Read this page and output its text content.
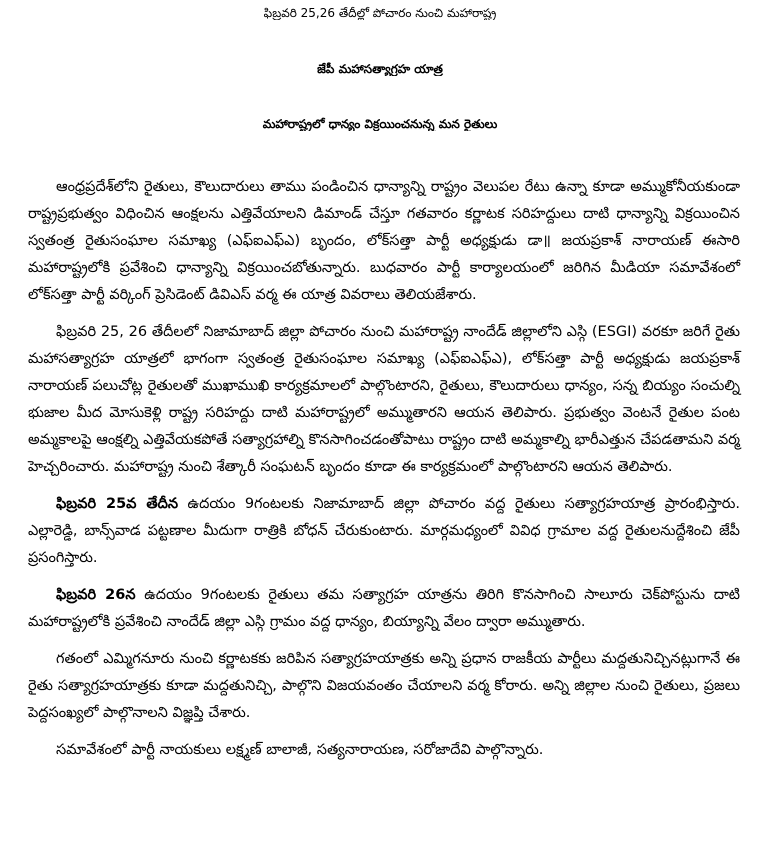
ఫిబ్రవరి 25,26 తేదీల్లో పోచారం నుంచి మహారాష్ట్ర
జేపీ మహాసత్యాగ్రహ యాత్ర
మహారాష్ట్రలో ధాన్యం విక్రయించనున్న మన రైతులు

ఆంధ్రప్రదేశ్‌లోని రైతులు, కౌలుదారులు తాము పండించిన ధాన్యాన్ని రాష్ట్రం వెలుపల రేటు ఉన్నా కూడా అమ్ముకోనీయకుండా రాష్ట్రప్రభుత్వం విధించిన ఆంక్షలను ఎత్తివేయాలని డిమాండ్ చేస్తూ గతవారం కర్ణాటక సరిహద్దులు దాటి ధాన్యాన్ని విక్రయించిన స్వతంత్ర రైతుసంఘాల సమాఖ్య (ఎఫ్ఐఎఫ్ఎ) బృందం, లోక్‌సత్తా పార్టీ అధ్యక్షుడు డా॥ జయప్రకాశ్ నారాయణ్ ఈసారి మహారాష్ట్రలోకి ప్రవేశించి ధాన్యాన్ని విక్రయించబోతున్నారు. బుధవారం పార్టీ కార్యాలయంలో జరిగిన మీడియా సమావేశంలో లోక్‌సత్తా పార్టీ వర్కింగ్ ప్రెసిడెంట్ డివిఎస్ వర్మ ఈ యాత్ర వివరాలు తెలియజేశారు.

ఫిబ్రవరి 25, 26 తేదీలలో నిజామాబాద్ జిల్లా పోచారం నుంచి మహారాష్ట్ర నాందేడ్ జిల్లాలోని ఎస్గి (ESGI) వరకూ జరిగే రైతు మహాసత్యాగ్రహ యాత్రలో భాగంగా స్వతంత్ర రైతుసంఘాల సమాఖ్య (ఎఫ్ఐఎఫ్ఎ), లోక్‌సత్తా పార్టీ అధ్యక్షుడు జయప్రకాశ్ నారాయణ్ పలుచోట్ల రైతులతో ముఖాముఖి కార్యక్రమాలలో పాల్గొంటారని, రైతులు, కౌలుదారులు ధాన్యం, సన్న బియ్యం సంచుల్ని భుజాల మీద మోసుకెళ్లి రాష్ట్ర సరిహద్దు దాటి మహారాష్ట్రలో అమ్ముతారని ఆయన తెలిపారు. ప్రభుత్వం వెంటనే రైతుల పంట అమ్మకాలపై ఆంక్షల్ని ఎత్తివేయకపోతే సత్యాగ్రహాల్ని కొనసాగించడంతోపాటు రాష్ట్రం దాటి అమ్మకాల్ని భారీఎత్తున చేపడతామని వర్మ హెచ్చరించారు. మహారాష్ట్ర నుంచి శేత్కారీ సంఘటన్ బృందం కూడా ఈ కార్యక్రమంలో పాల్గొంటారని ఆయన తెలిపారు.

ఫిబ్రవరి 25వ తేదీన ఉదయం 9గంటలకు నిజామాబాద్ జిల్లా పోచారం వద్ద రైతులు సత్యాగ్రహయాత్ర ప్రారంభిస్తారు. ఎల్లారెడ్డి, బాన్స్‌వాడ పట్టణాల మీదుగా రాత్రికి బోధన్ చేరుకుంటారు. మార్గమధ్యంలో వివిధ గ్రామాల వద్ద రైతులనుద్దేశించి జేపీ ప్రసంగిస్తారు.

ఫిబ్రవరి 26న ఉదయం 9గంటలకు రైతులు తమ సత్యాగ్రహ యాత్రను తిరిగి కొనసాగించి సాలూరు చెక్‌పోస్టును దాటి మహారాష్ట్రలోకి ప్రవేశించి నాందేడ్ జిల్లా ఎస్గి గ్రామం వద్ద ధాన్యం, బియ్యాన్ని వేలం ద్వారా అమ్ముతారు.

గతంలో ఎమ్మిగనూరు నుంచి కర్ణాటకకు జరిపిన సత్యాగ్రహయాత్రకు అన్ని ప్రధాన రాజకీయ పార్టీలు మద్దతునిచ్చినట్లుగానే ఈ రైతు సత్యాగ్రహయాత్రకు కూడా మద్దతునిచ్చి, పాల్గొని విజయవంతం చేయాలని వర్మ కోరారు. అన్ని జిల్లాల నుంచి రైతులు, ప్రజలు పెద్దసంఖ్యలో పాల్గొనాలని విజ్ఞప్తి చేశారు.

సమావేశంలో పార్టీ నాయకులు లక్ష్మణ్ బాలాజీ, సత్యనారాయణ, సరోజాదేవి పాల్గొన్నారు.
